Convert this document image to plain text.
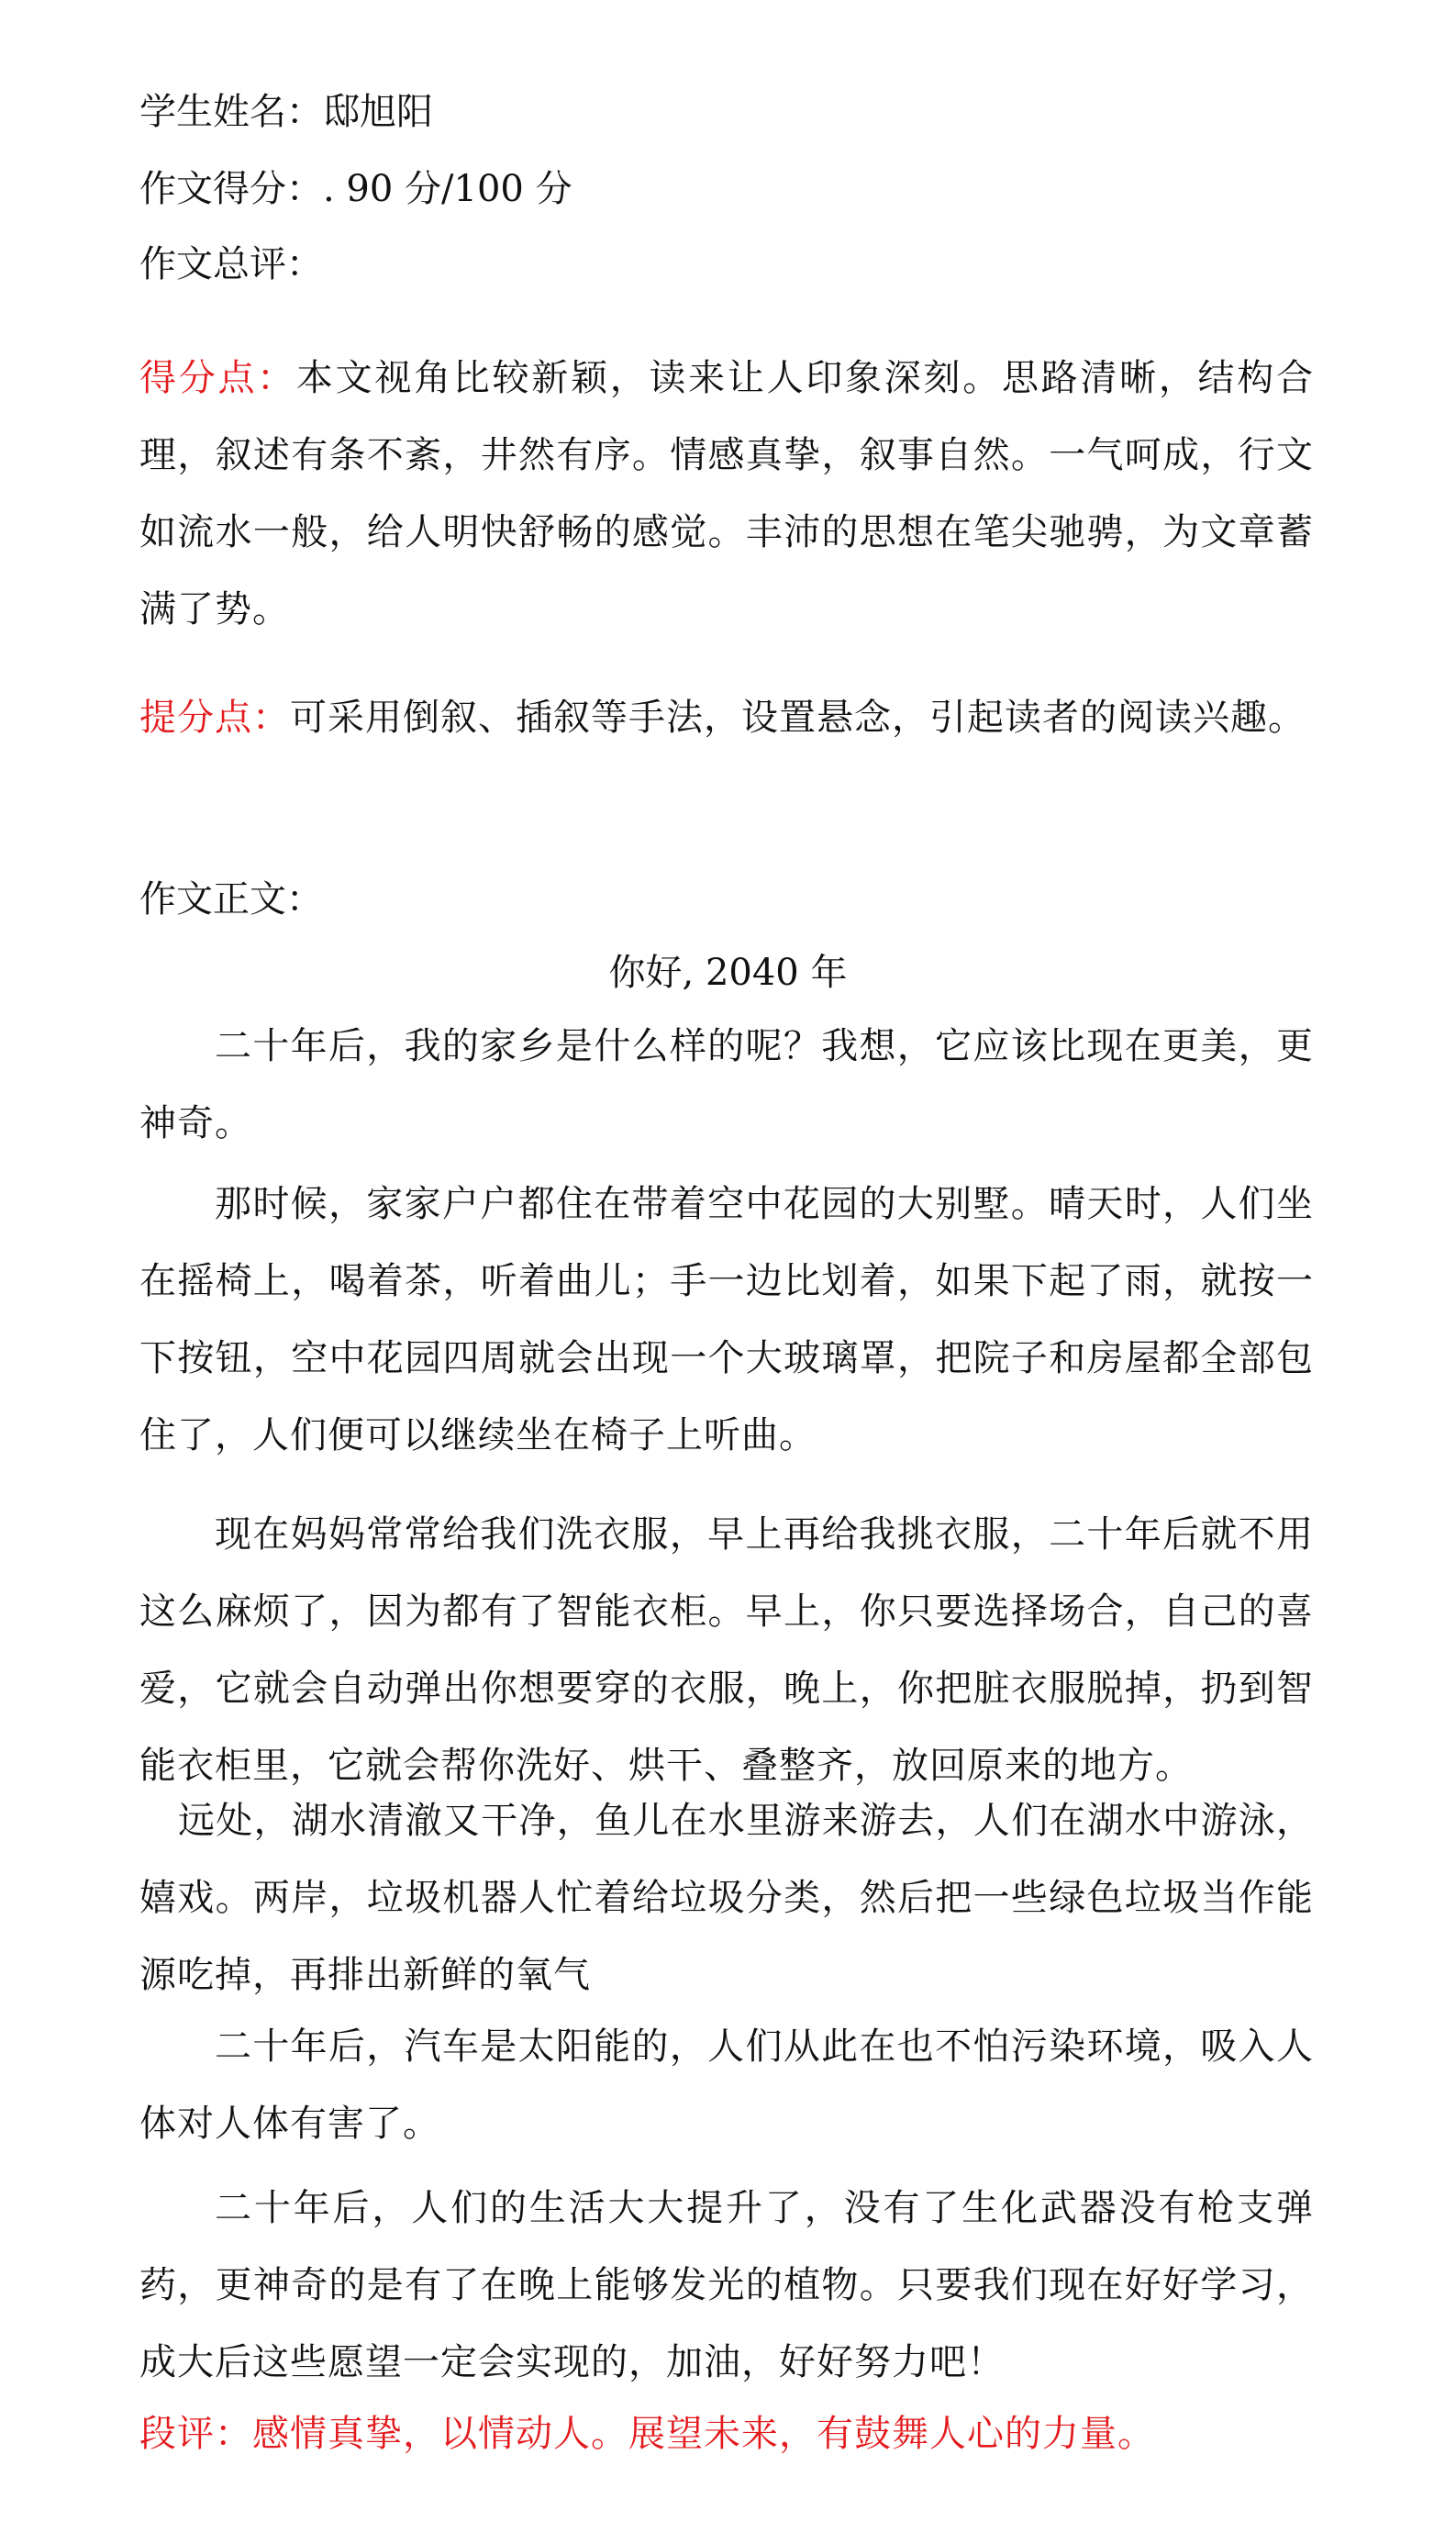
学生姓名：邸旭阳
作文得分：. 90 分/100 分
作文总评：
得分点：本文视角比较新颖，读来让人印象深刻。思路清晰，结构合理，叙述有条不紊，井然有序。情感真挚，叙事自然。一气呵成，行文如流水一般，给人明快舒畅的感觉。丰沛的思想在笔尖驰骋，为文章蓄满了势。
提分点：可采用倒叙、插叙等手法，设置悬念，引起读者的阅读兴趣。
作文正文：
你好, 2040 年
二十年后，我的家乡是什么样的呢？我想，它应该比现在更美，更神奇。
那时候，家家户户都住在带着空中花园的大别墅。晴天时，人们坐在摇椅上，喝着茶，听着曲儿；手一边比划着，如果下起了雨，就按一下按钮，空中花园四周就会出现一个大玻璃罩，把院子和房屋都全部包住了，人们便可以继续坐在椅子上听曲。
现在妈妈常常给我们洗衣服，早上再给我挑衣服，二十年后就不用这么麻烦了，因为都有了智能衣柜。早上，你只要选择场合，自己的喜爱，它就会自动弹出你想要穿的衣服，晚上，你把脏衣服脱掉，扔到智能衣柜里，它就会帮你洗好、烘干、叠整齐，放回原来的地方。
远处，湖水清澈又干净，鱼儿在水里游来游去，人们在湖水中游泳，嬉戏。两岸，垃圾机器人忙着给垃圾分类，然后把一些绿色垃圾当作能源吃掉，再排出新鲜的氧气
二十年后，汽车是太阳能的，人们从此在也不怕污染环境，吸入人体对人体有害了。
二十年后，人们的生活大大提升了，没有了生化武器没有枪支弹药，更神奇的是有了在晚上能够发光的植物。只要我们现在好好学习，成大后这些愿望一定会实现的，加油，好好努力吧！
段评：感情真挚，以情动人。展望未来，有鼓舞人心的力量。
